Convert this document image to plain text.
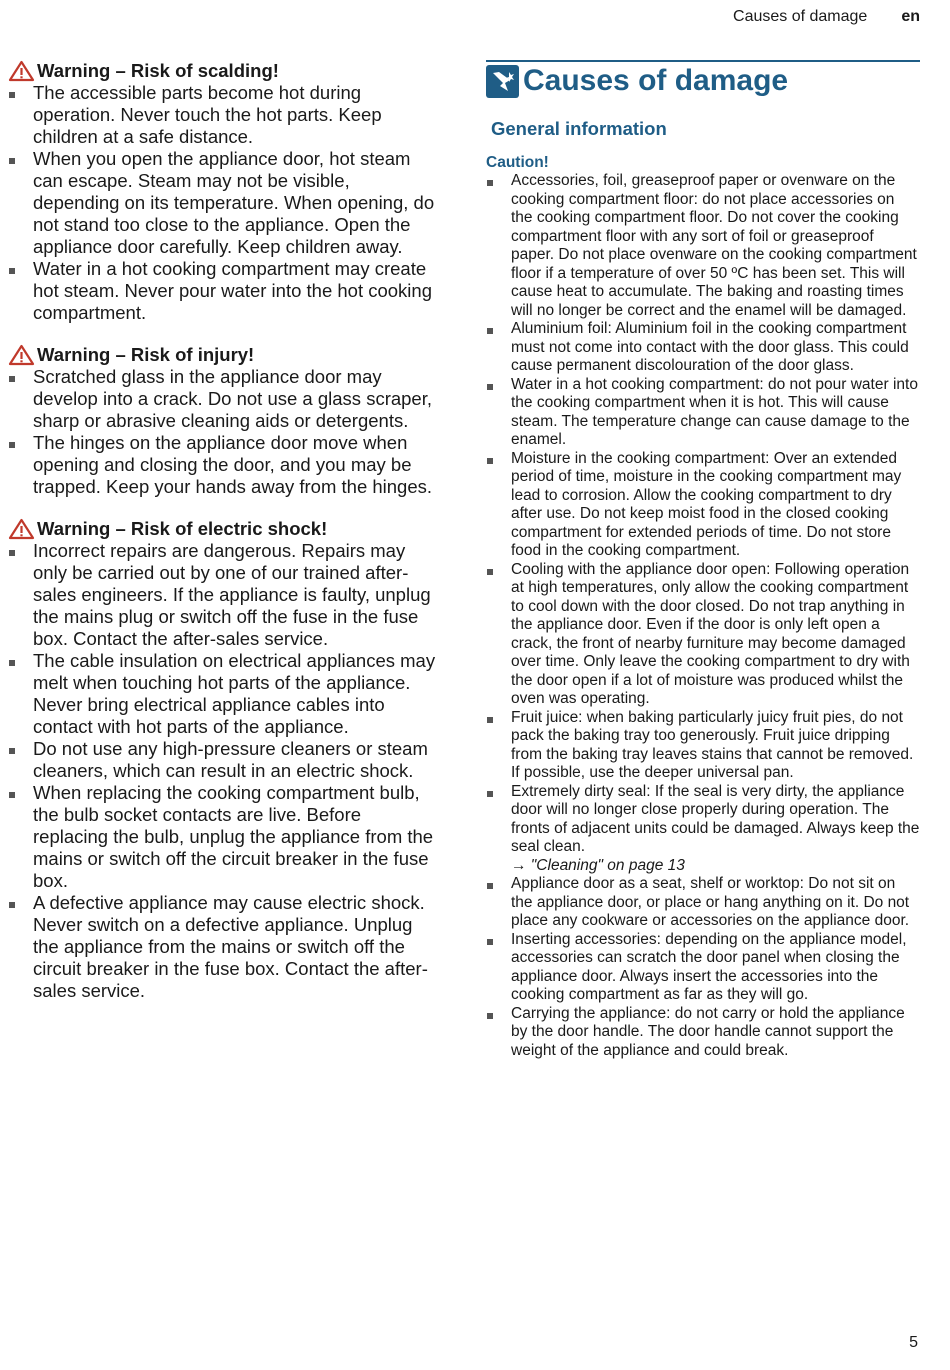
Causes of damage en
Warning – Risk of scalding!
The accessible parts become hot during operation. Never touch the hot parts. Keep children at a safe distance.
When you open the appliance door, hot steam can escape. Steam may not be visible, depending on its temperature. When opening, do not stand too close to the appliance. Open the appliance door carefully. Keep children away.
Water in a hot cooking compartment may create hot steam. Never pour water into the hot cooking compartment.
Warning – Risk of injury!
Scratched glass in the appliance door may develop into a crack. Do not use a glass scraper, sharp or abrasive cleaning aids or detergents.
The hinges on the appliance door move when opening and closing the door, and you may be trapped. Keep your hands away from the hinges.
Warning – Risk of electric shock!
Incorrect repairs are dangerous. Repairs may only be carried out by one of our trained after-sales engineers. If the appliance is faulty, unplug the mains plug or switch off the fuse in the fuse box. Contact the after-sales service.
The cable insulation on electrical appliances may melt when touching hot parts of the appliance. Never bring electrical appliance cables into contact with hot parts of the appliance.
Do not use any high-pressure cleaners or steam cleaners, which can result in an electric shock.
When replacing the cooking compartment bulb, the bulb socket contacts are live. Before replacing the bulb, unplug the appliance from the mains or switch off the circuit breaker in the fuse box.
A defective appliance may cause electric shock. Never switch on a defective appliance. Unplug the appliance from the mains or switch off the circuit breaker in the fuse box. Contact the after-sales service.
Causes of damage
General information
Caution!
Accessories, foil, greaseproof paper or ovenware on the cooking compartment floor: do not place accessories on the cooking compartment floor. Do not cover the cooking compartment floor with any sort of foil or greaseproof paper. Do not place ovenware on the cooking compartment floor if a temperature of over 50 ºC has been set. This will cause heat to accumulate. The baking and roasting times will no longer be correct and the enamel will be damaged.
Aluminium foil: Aluminium foil in the cooking compartment must not come into contact with the door glass. This could cause permanent discolouration of the door glass.
Water in a hot cooking compartment: do not pour water into the cooking compartment when it is hot. This will cause steam. The temperature change can cause damage to the enamel.
Moisture in the cooking compartment: Over an extended period of time, moisture in the cooking compartment may lead to corrosion. Allow the cooking compartment to dry after use. Do not keep moist food in the closed cooking compartment for extended periods of time. Do not store food in the cooking compartment.
Cooling with the appliance door open: Following operation at high temperatures, only allow the cooking compartment to cool down with the door closed. Do not trap anything in the appliance door. Even if the door is only left open a crack, the front of nearby furniture may become damaged over time. Only leave the cooking compartment to dry with the door open if a lot of moisture was produced whilst the oven was operating.
Fruit juice: when baking particularly juicy fruit pies, do not pack the baking tray too generously. Fruit juice dripping from the baking tray leaves stains that cannot be removed. If possible, use the deeper universal pan.
Extremely dirty seal: If the seal is very dirty, the appliance door will no longer close properly during operation. The fronts of adjacent units could be damaged. Always keep the seal clean.
→ "Cleaning" on page 13
Appliance door as a seat, shelf or worktop: Do not sit on the appliance door, or place or hang anything on it. Do not place any cookware or accessories on the appliance door.
Inserting accessories: depending on the appliance model, accessories can scratch the door panel when closing the appliance door. Always insert the accessories into the cooking compartment as far as they will go.
Carrying the appliance: do not carry or hold the appliance by the door handle. The door handle cannot support the weight of the appliance and could break.
5
